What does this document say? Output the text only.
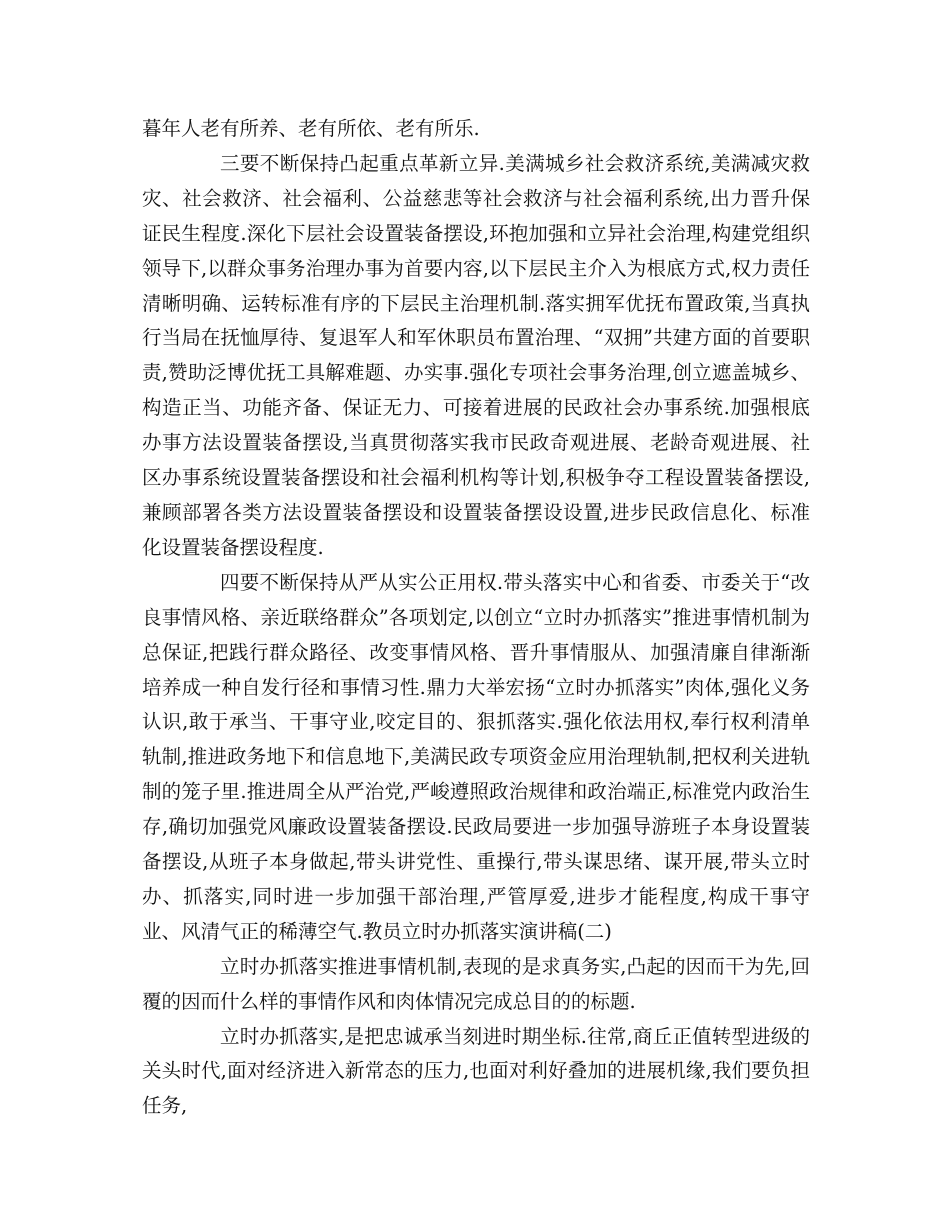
暮年人老有所养、老有所依、老有所乐.

三要不断保持凸起重点革新立异.美满城乡社会救济系统,美满减灾救灾、社会救济、社会福利、公益慈悲等社会救济与社会福利系统,出力晋升保证民生程度.深化下层社会设置装备摆设,环抱加强和立异社会治理,构建党组织领导下,以群众事务治理办事为首要内容,以下层民主介入为根底方式,权力责任清晰明确、运转标准有序的下层民主治理机制.落实拥军优抚布置政策,当真执行当局在抚恤厚待、复退军人和军休职员布置治理、“双拥”共建方面的首要职责,赞助泛博优抚工具解难题、办实事.强化专项社会事务治理,创立遮盖城乡、构造正当、功能齐备、保证无力、可接着进展的民政社会办事系统.加强根底办事方法设置装备摆设,当真贯彻落实我市民政奇观进展、老龄奇观进展、社区办事系统设置装备摆设和社会福利机构等计划,积极争夺工程设置装备摆设,兼顾部署各类方法设置装备摆设和设置装备摆设设置,进步民政信息化、标准化设置装备摆设程度.

四要不断保持从严从实公正用权.带头落实中心和省委、市委关于“改良事情风格、亲近联络群众”各项划定,以创立“立时办抓落实”推进事情机制为总保证,把践行群众路径、改变事情风格、晋升事情服从、加强清廉自律渐渐培养成一种自发行径和事情习性.鼎力大举宏扬“立时办抓落实”肉体,强化义务认识,敢于承当、干事守业,咬定目的、狠抓落实.强化依法用权,奉行权利清单轨制,推进政务地下和信息地下,美满民政专项资金应用治理轨制,把权利关进轨制的笼子里.推进周全从严治党,严峻遵照政治规律和政治端正,标准党内政治生存,确切加强党风廉政设置装备摆设.民政局要进一步加强导游班子本身设置装备摆设,从班子本身做起,带头讲党性、重操行,带头谋思绪、谋开展,带头立时办、抓落实,同时进一步加强干部治理,严管厚爱,进步才能程度,构成干事守业、风清气正的稀薄空气.教员立时办抓落实演讲稿(二)

立时办抓落实推进事情机制,表现的是求真务实,凸起的因而干为先,回覆的因而什么样的事情作风和肉体情况完成总目的的标题.

立时办抓落实,是把忠诚承当刻进时期坐标.往常,商丘正值转型进级的关头时代,面对经济进入新常态的压力,也面对利好叠加的进展机缘,我们要负担任务,
